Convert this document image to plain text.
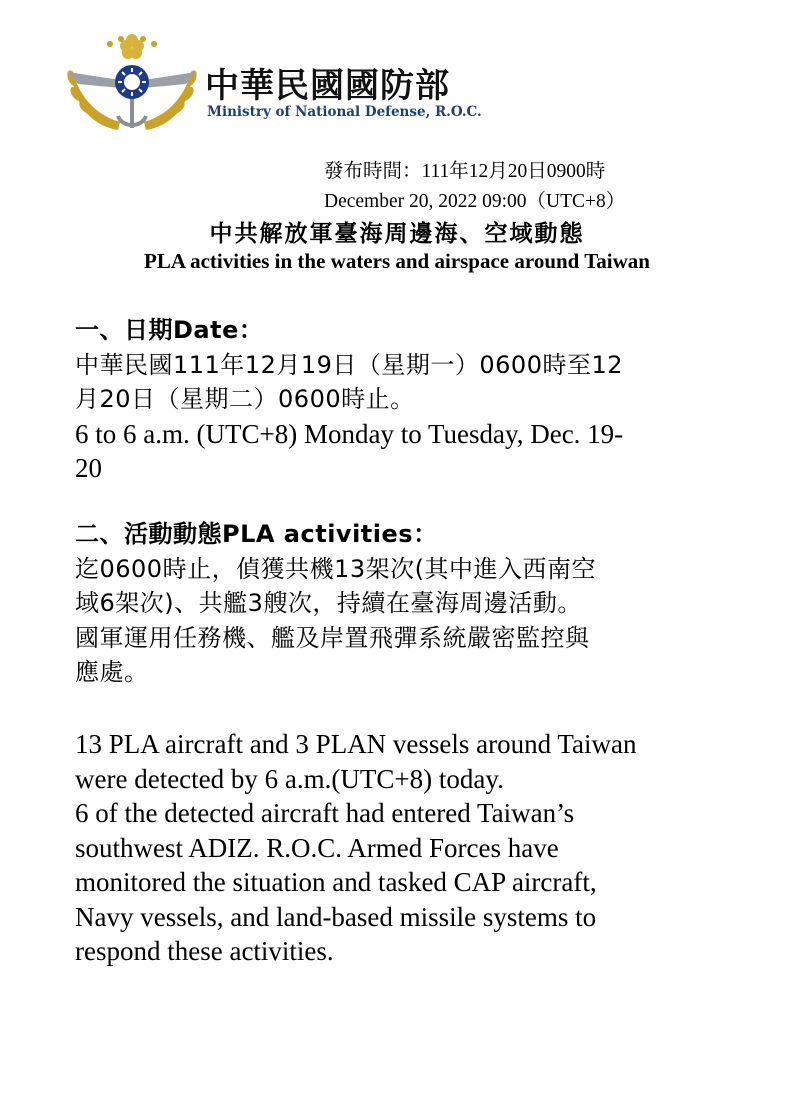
中華民國國防部
Ministry of National Defense, R.O.C.
發布時間：111年12月20日0900時
December 20, 2022 09:00（UTC+8）
中共解放軍臺海周邊海、空域動態
PLA activities in the waters and airspace around Taiwan
一、日期Date：
中華民國111年12月19日（星期一）0600時至12
月20日（星期二）0600時止。
6 to 6 a.m. (UTC+8) Monday to Tuesday, Dec. 19-
20
二、活動動態PLA activities：
迄0600時止，偵獲共機13架次(其中進入西南空
域6架次)、共艦3艘次，持續在臺海周邊活動。
國軍運用任務機、艦及岸置飛彈系統嚴密監控與
應處。
13 PLA aircraft and 3 PLAN vessels around Taiwan
were detected by 6 a.m.(UTC+8) today.
6 of the detected aircraft had entered Taiwan’s
southwest ADIZ. R.O.C. Armed Forces have
monitored the situation and tasked CAP aircraft,
Navy vessels, and land-based missile systems to
respond these activities.
